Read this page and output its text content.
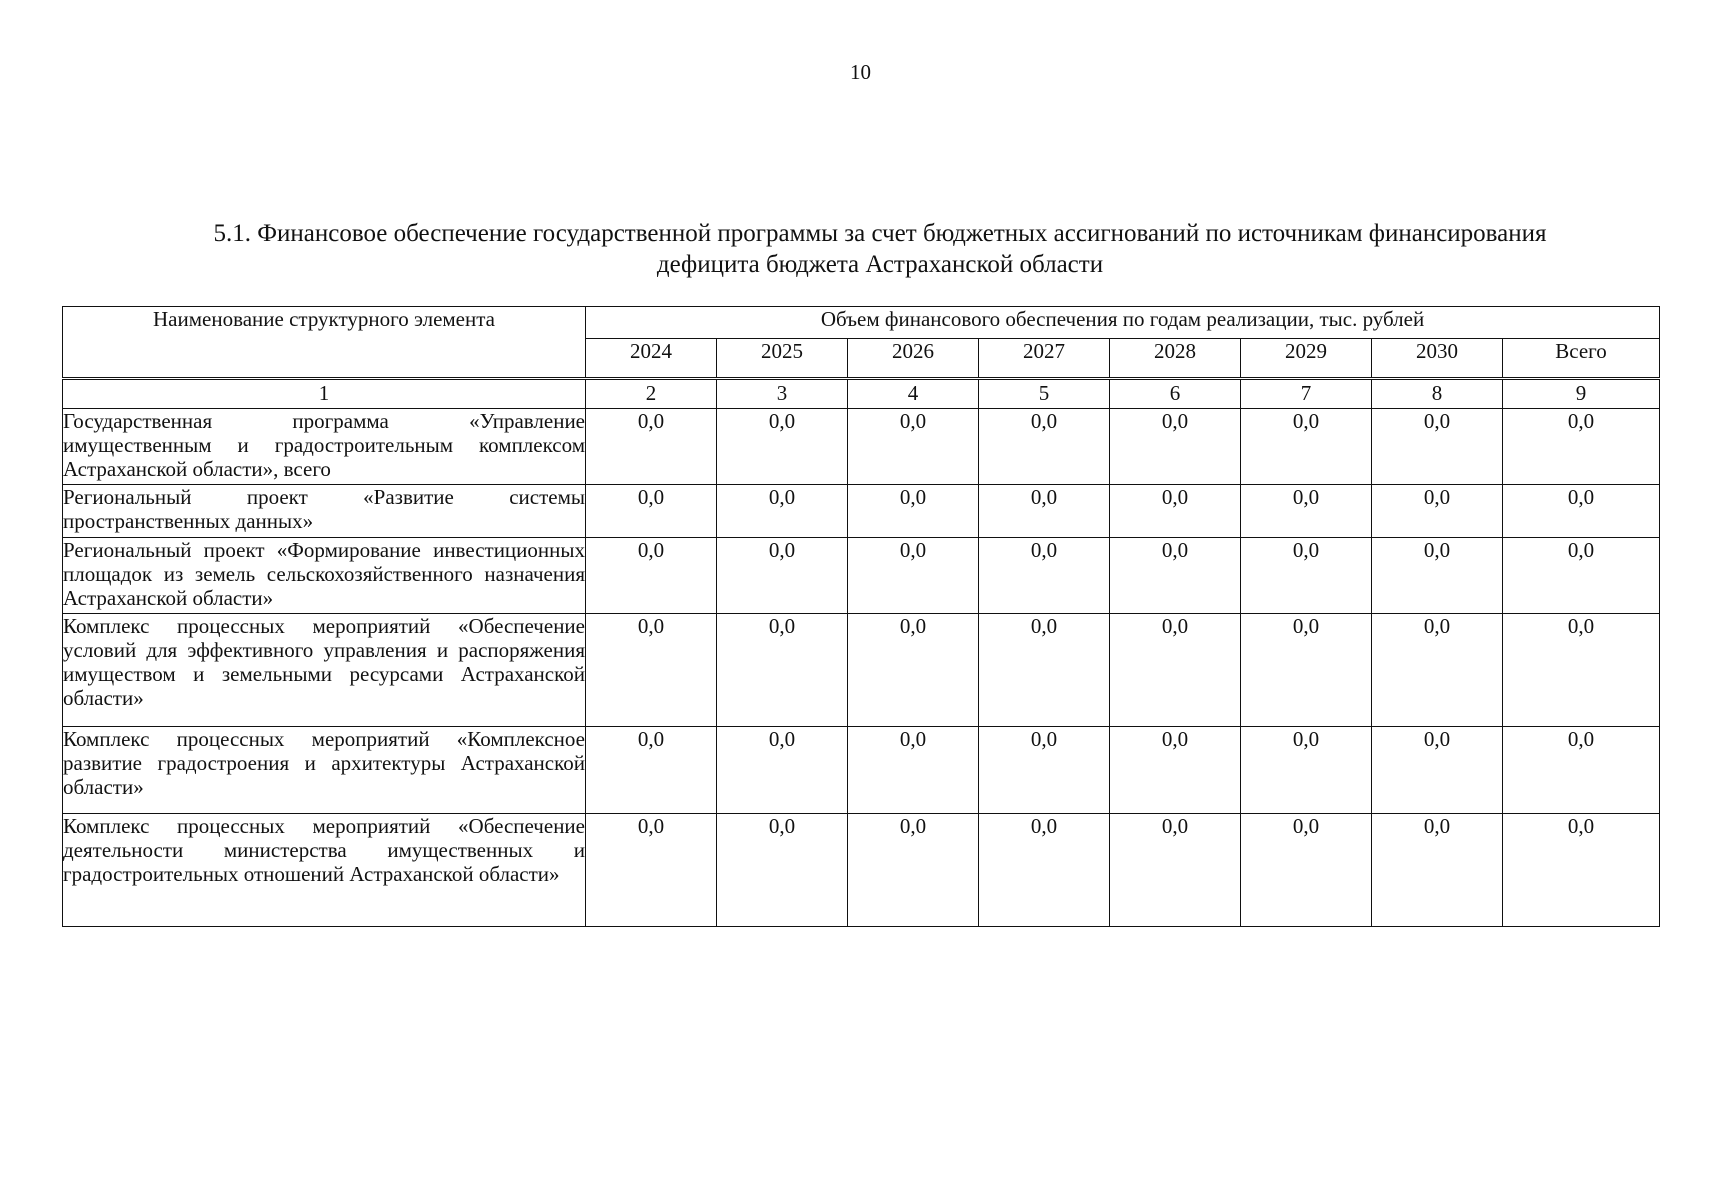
10
5.1. Финансовое обеспечение государственной программы за счет бюджетных ассигнований по источникам финансирования
дефицита бюджета Астраханской области
Наименование структурного элемента	Объем финансового обеспечения по годам реализации, тыс. рублей							
	2024	2025	2026	2027	2028	2029	2030	Всего
1	2	3	4	5	6	7	8	9
Государственная программа «Управление имущественным и градостроительным комплексом Астраханской области», всего	0,0	0,0	0,0	0,0	0,0	0,0	0,0	0,0
Региональный проект «Развитие системы пространственных данных»	0,0	0,0	0,0	0,0	0,0	0,0	0,0	0,0
Региональный проект «Формирование инвестиционных площадок из земель сельскохозяйственного назначения Астраханской области»	0,0	0,0	0,0	0,0	0,0	0,0	0,0	0,0
Комплекс процессных мероприятий «Обеспечение условий для эффективного управления и распоряжения имуществом и земельными ресурсами Астраханской области»	0,0	0,0	0,0	0,0	0,0	0,0	0,0	0,0
Комплекс процессных мероприятий «Комплексное развитие градостроения и архитектуры Астраханской области»	0,0	0,0	0,0	0,0	0,0	0,0	0,0	0,0
Комплекс процессных мероприятий «Обеспечение деятельности министерства имущественных и градостроительных отношений Астраханской области»	0,0	0,0	0,0	0,0	0,0	0,0	0,0	0,0
